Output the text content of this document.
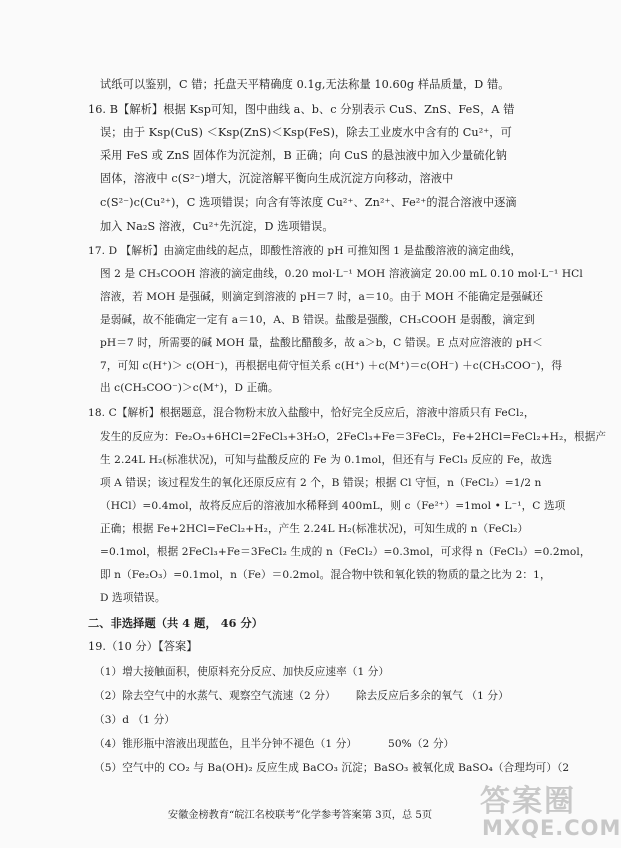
试纸可以鉴别，C 错；托盘天平精确度 0.1g,无法称量 10.60g 样品质量，D 错。
16. B【解析】根据 Ksp可知，图中曲线 a、b、c 分别表示 CuS、ZnS、FeS，A 错
误；由于 Ksp(CuS) ＜Ksp(ZnS)＜Ksp(FeS)，除去工业废水中含有的 Cu²⁺，可
采用 FeS 或 ZnS 固体作为沉淀剂，B 正确；向 CuS 的悬浊液中加入少量硫化钠
固体，溶液中 c(S²⁻)增大，沉淀溶解平衡向生成沉淀方向移动，溶液中
c(S²⁻)c(Cu²⁺)，C 选项错误；向含有等浓度 Cu²⁺、Zn²⁺、Fe²⁺的混合溶液中逐滴
加入 Na₂S 溶液，Cu²⁺先沉淀，D 选项错误。
17. D 【解析】由滴定曲线的起点，即酸性溶液的 pH 可推知图 1 是盐酸溶液的滴定曲线，
图 2 是 CH₃COOH 溶液的滴定曲线，0.20 mol·L⁻¹ MOH 溶液滴定 20.00 mL 0.10 mol·L⁻¹ HCl
溶液，若 MOH 是强碱，则滴定到溶液的 pH＝7 时，a＝10。由于 MOH 不能确定是强碱还
是弱碱，故不能确定一定有 a＝10，A、B 错误。盐酸是强酸，CH₃COOH 是弱酸，滴定到
pH＝7 时，所需要的碱 MOH 量，盐酸比醋酸多，故 a＞b，C 错误。E 点对应溶液的 pH＜
7，可知 c(H⁺)＞ c(OH⁻)，再根据电荷守恒关系 c(H⁺) ＋c(M⁺)＝c(OH⁻) ＋c(CH₃COO⁻)，得
出 c(CH₃COO⁻)＞c(M⁺)，D 正确。
18. C【解析】根据题意，混合物粉末放入盐酸中，恰好完全反应后，溶液中溶质只有 FeCl₂，
发生的反应为：Fe₂O₃+6HCl=2FeCl₃+3H₂O，2FeCl₃+Fe＝3FeCl₂，Fe+2HCl=FeCl₂+H₂，根据产
生 2.24L H₂(标准状况)，可知与盐酸反应的 Fe 为 0.1mol，但还有与 FeCl₃ 反应的 Fe，故选
项 A 错误；该过程发生的氧化还原反应有 2 个，B 错误；根据 Cl 守恒，n（FeCl₂）=1/2 n
（HCl）=0.4mol，故将反应后的溶液加水稀释到 400mL，则 c（Fe²⁺）=1mol • L⁻¹，C 选项
正确；根据 Fe+2HCl=FeCl₂+H₂，产生 2.24L H₂(标准状况)，可知生成的 n（FeCl₂）
=0.1mol，根据 2FeCl₃+Fe＝3FeCl₂ 生成的 n（FeCl₂）=0.3mol，可求得 n（FeCl₃）=0.2mol，
即 n（Fe₂O₃）=0.1mol，n（Fe）＝0.2mol。混合物中铁和氧化铁的物质的量之比为 2：1，
D 选项错误。
二、非选择题（共 4 题， 46 分）
19.（10 分）【答案】
（1）增大接触面积，使原料充分反应、加快反应速率（1 分）
（2）除去空气中的水蒸气、观察空气流速（2 分） 除去反应后多余的氧气 （1 分）
（3）d （1 分）
（4）锥形瓶中溶液出现蓝色，且半分钟不褪色（1 分）	50%（2 分）
（5）空气中的 CO₂ 与 Ba(OH)₂ 反应生成 BaCO₃ 沉淀；BaSO₃ 被氧化成 BaSO₄（合理均可）（2
安徽金榜教育“皖江名校联考”化学参考答案第 3页，总 5页	答案圈
MXQE.COM
